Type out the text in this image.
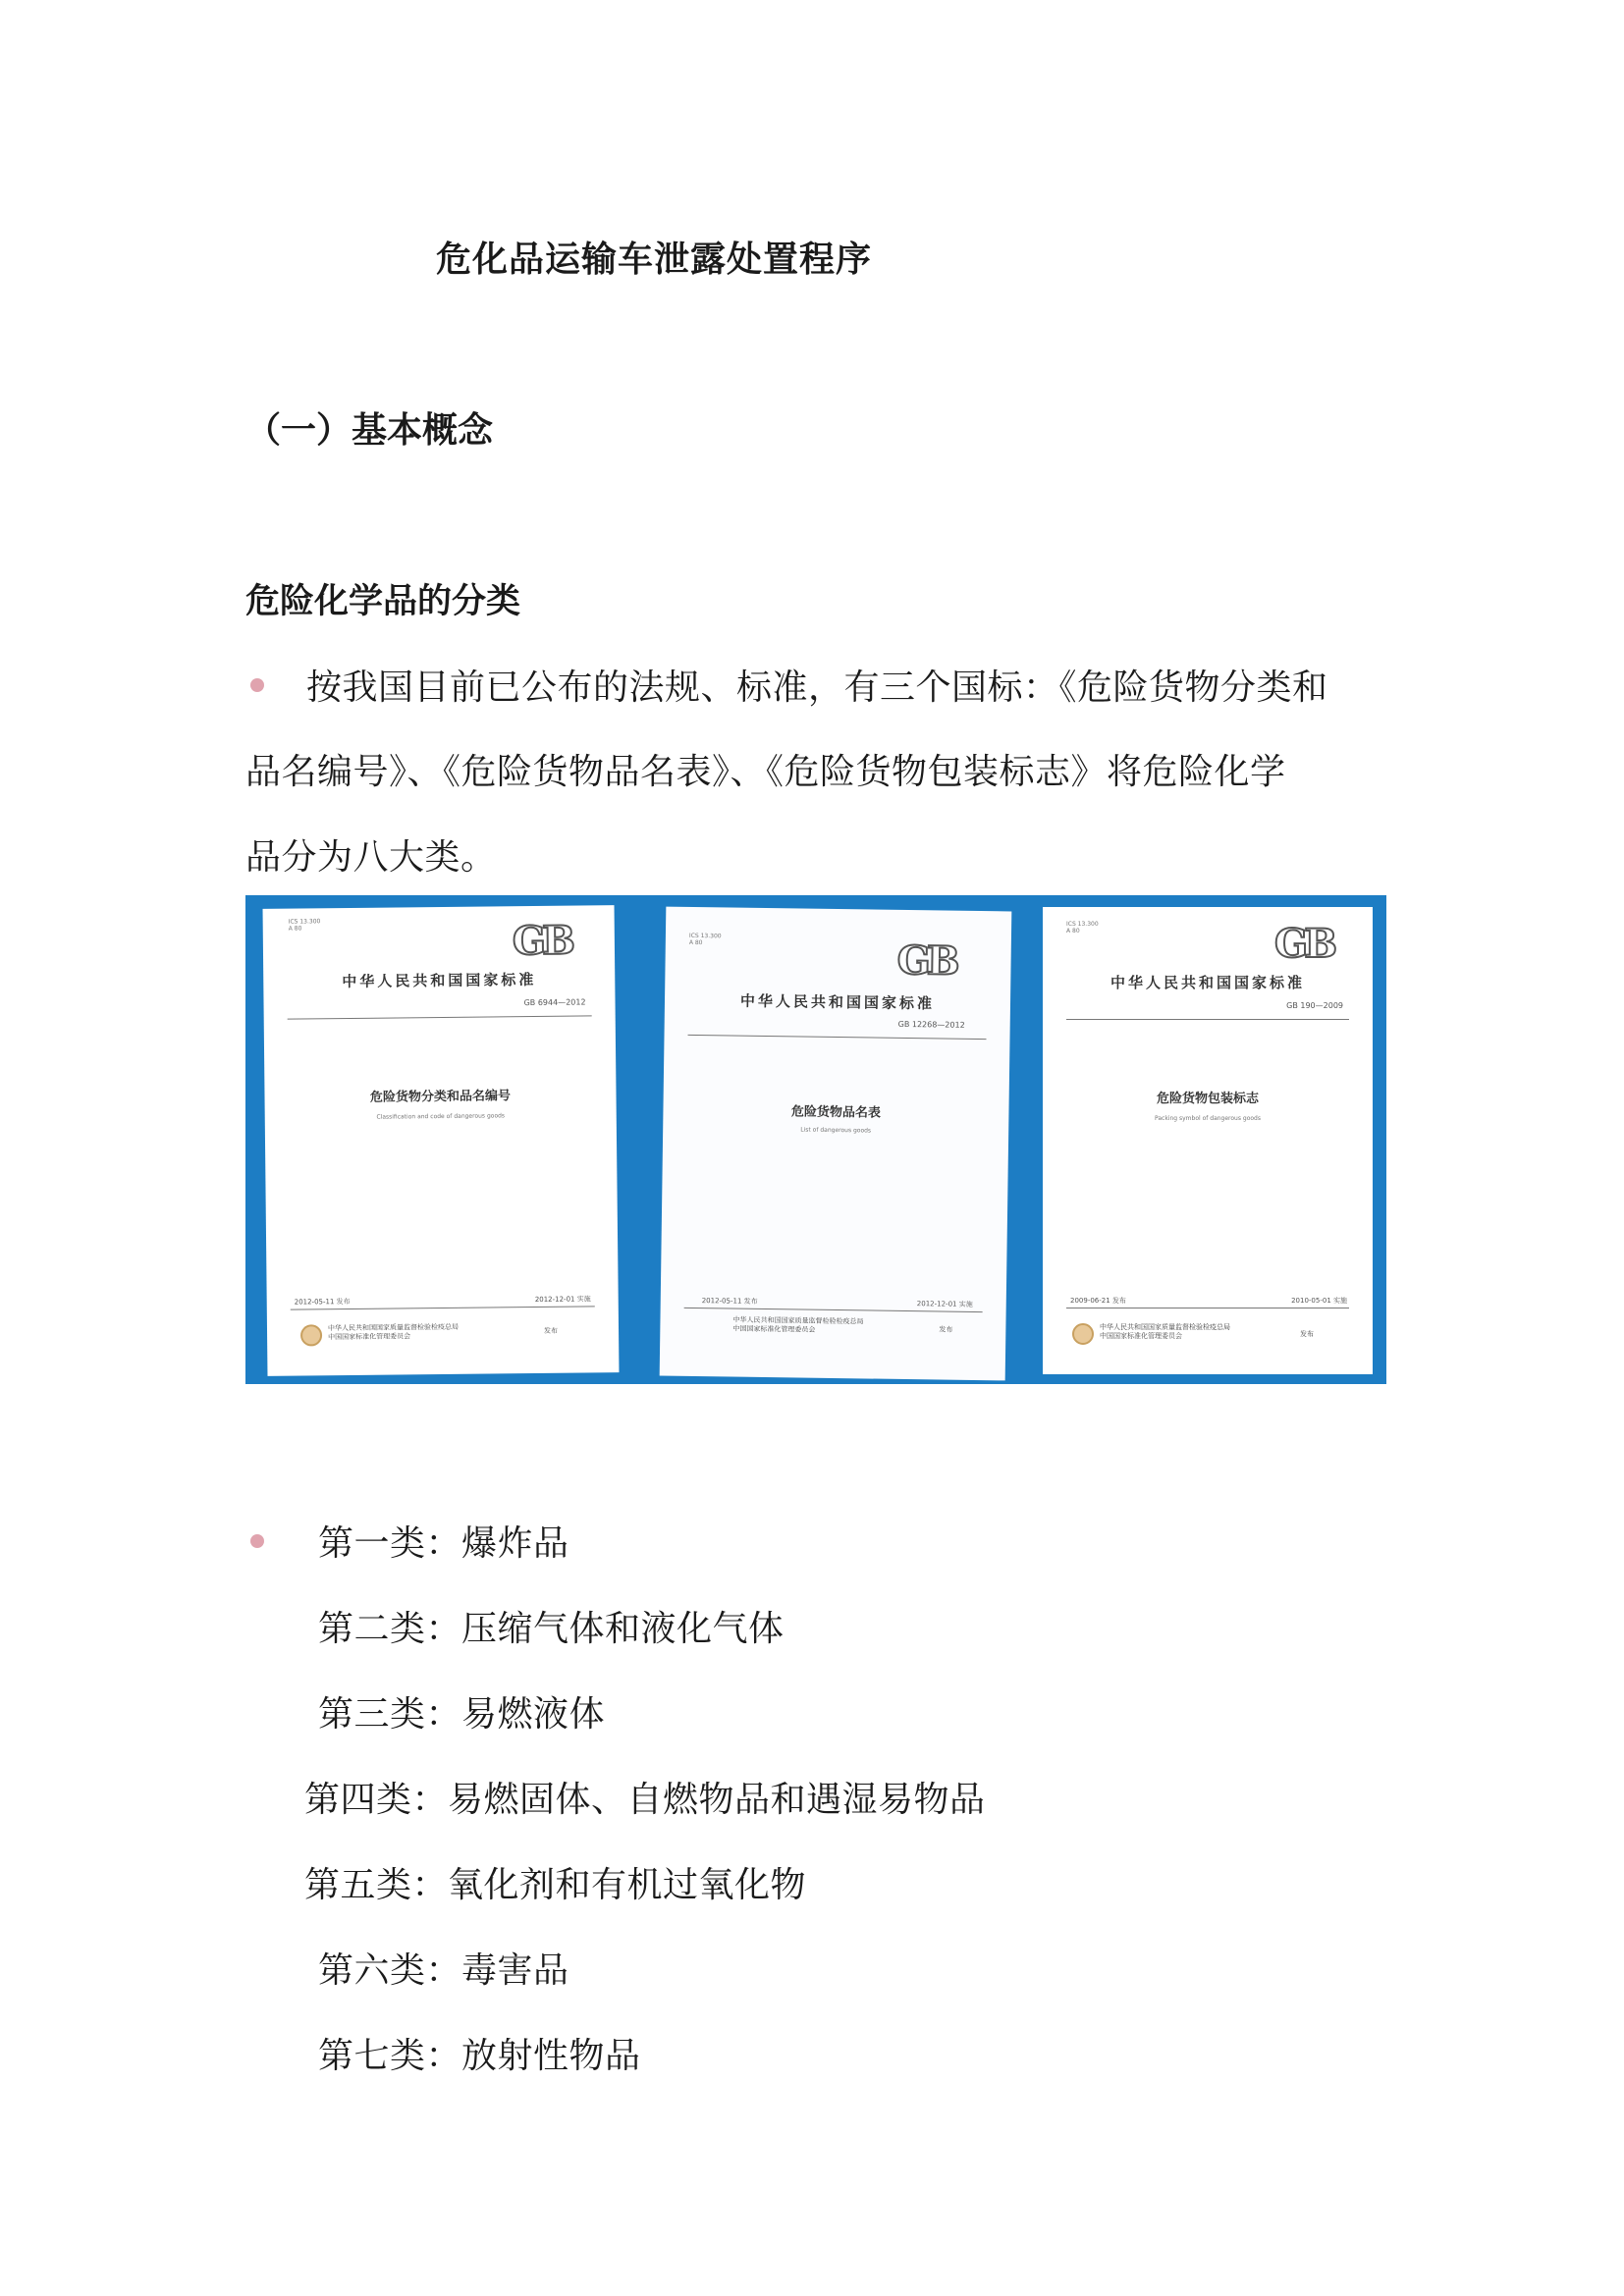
危化品运输车泄露处置程序
（一）基本概念
危险化学品的分类
按我国目前已公布的法规、标准，有三个国标：《危险货物分类和
品名编号》、《危险货物品名表》、《危险货物包装标志》将危险化学
品分为八大类。
ICS 13.300
A 80	GB
中华人民共和国国家标准
GB 6944—2012
危险货物分类和品名编号
Classification and code of dangerous goods
2012-05-11 发布	2012-12-01 实施
中华人民共和国国家质量监督检验检疫总局
中国国家标准化管理委员会
发布
ICS 13.300
A 80	GB
中华人民共和国国家标准
GB 12268—2012
危险货物品名表
List of dangerous goods
2012-05-11 发布	2012-12-01 实施
中华人民共和国国家质量监督检验检疫总局
中国国家标准化管理委员会	发布
ICS 13.300
A 80	GB
中华人民共和国国家标准
GB 190—2009
危险货物包装标志
Packing symbol of dangerous goods
2009-06-21 发布	2010-05-01 实施
中华人民共和国国家质量监督检验检疫总局
中国国家标准化管理委员会	发布
第一类：爆炸品
第二类：压缩气体和液化气体
第三类：易燃液体
第四类：易燃固体、自燃物品和遇湿易物品
第五类：氧化剂和有机过氧化物
第六类：毒害品
第七类：放射性物品
